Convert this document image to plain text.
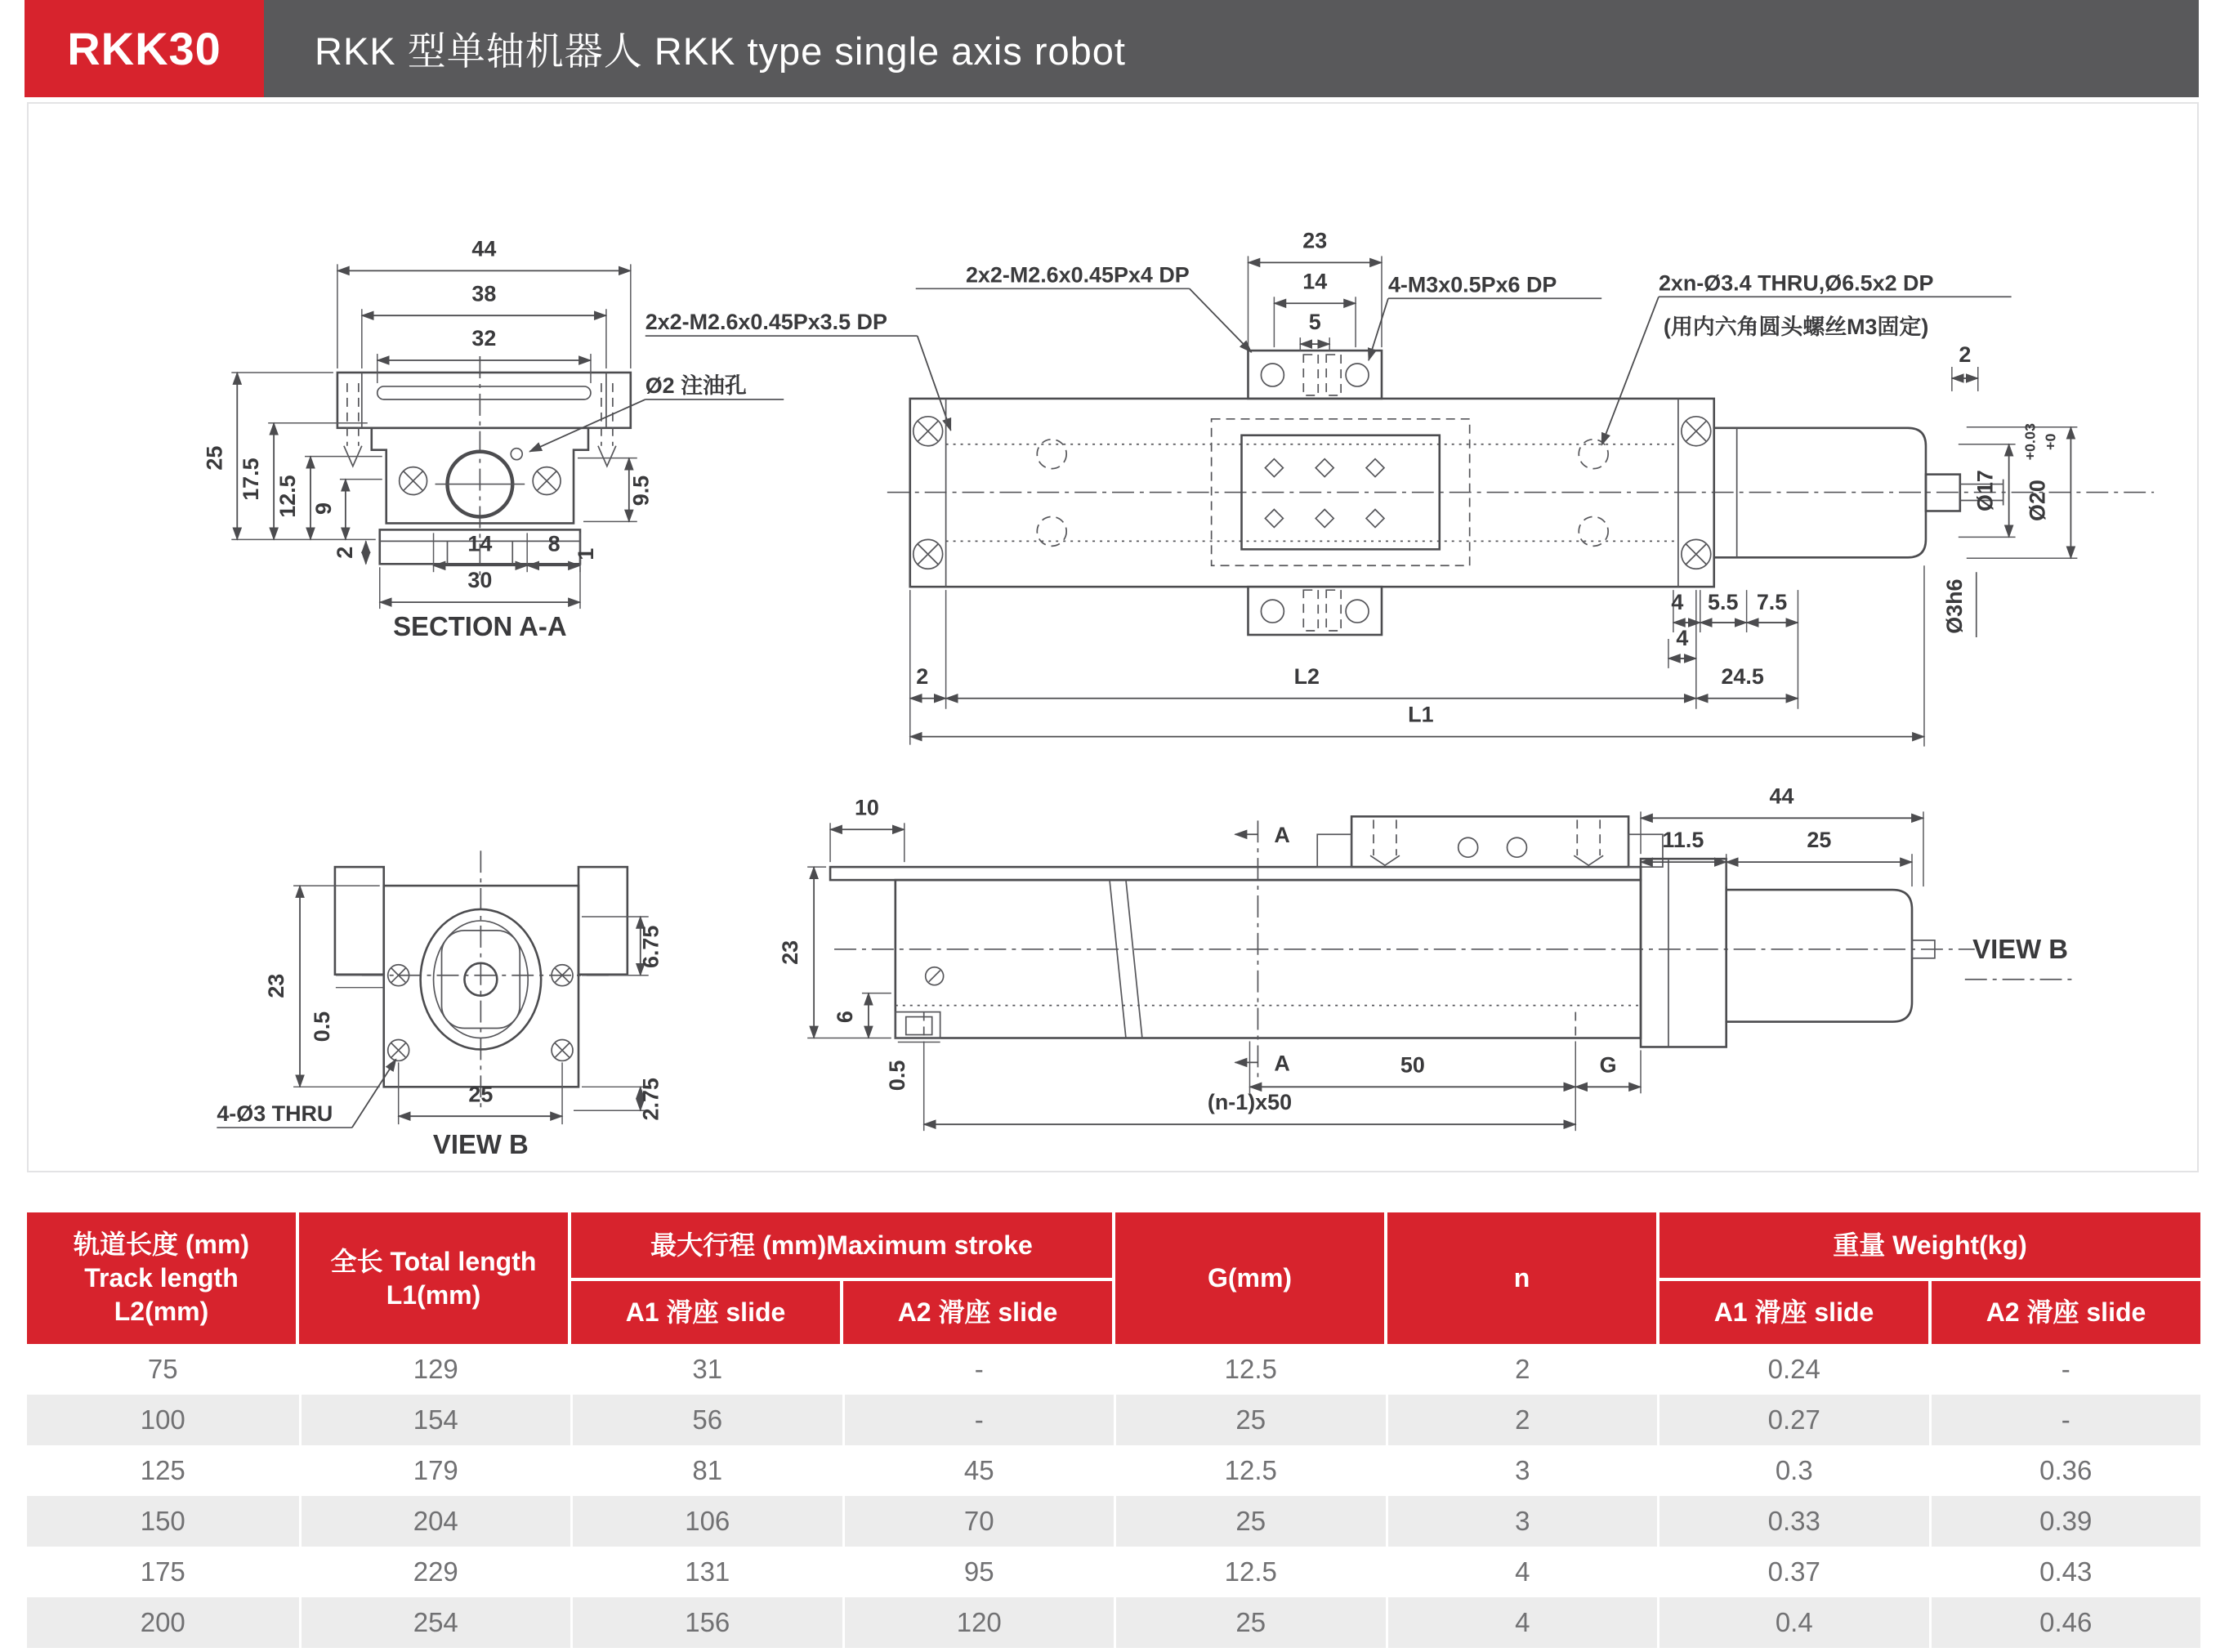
RKK30 RKK 型单轴机器人 RKK type single axis robot
44
38
32
25 17.5 12.5 9
2	14	8 1
30
9.5
SECTION A-A
2x2-M2.6x0.45Px3.5 DP
Ø2 注油孔
23
14
5
2x2-M2.6x0.45Px4 DP	4-M3x0.5Px6 DP	2xn-Ø3.4 THRU,Ø6.5x2 DP
(用内六角圆头螺丝M3固定)
2
Ø17 Ø20
+0.03 +0
Ø3h6
4 5.5 7.5
4
2	L2	24.5
L1
23
0.5
6.75
2.75
25
4-Ø3 THRU
VIEW B
A
A
10
23
6
0.5	50	G
(n-1)x50
44
11.5	25
VIEW B
轨道长度 (mm)
Track length
L2(mm)
全长 Total length
L1(mm)
最大行程 (mm)Maximum stroke
G(mm)	n
重量 Weight(kg)
A1 滑座 slide	A2 滑座 slide	A1 滑座 slide	A2 滑座 slide
75	129	31	-	12.5	2	0.24	-
100	154	56	-	25	2	0.27	-
125	179	81	45	12.5	3	0.3	0.36
150	204	106	70	25	3	0.33	0.39
175	229	131	95	12.5	4	0.37	0.43
200	254	156	120	25	4	0.4	0.46
